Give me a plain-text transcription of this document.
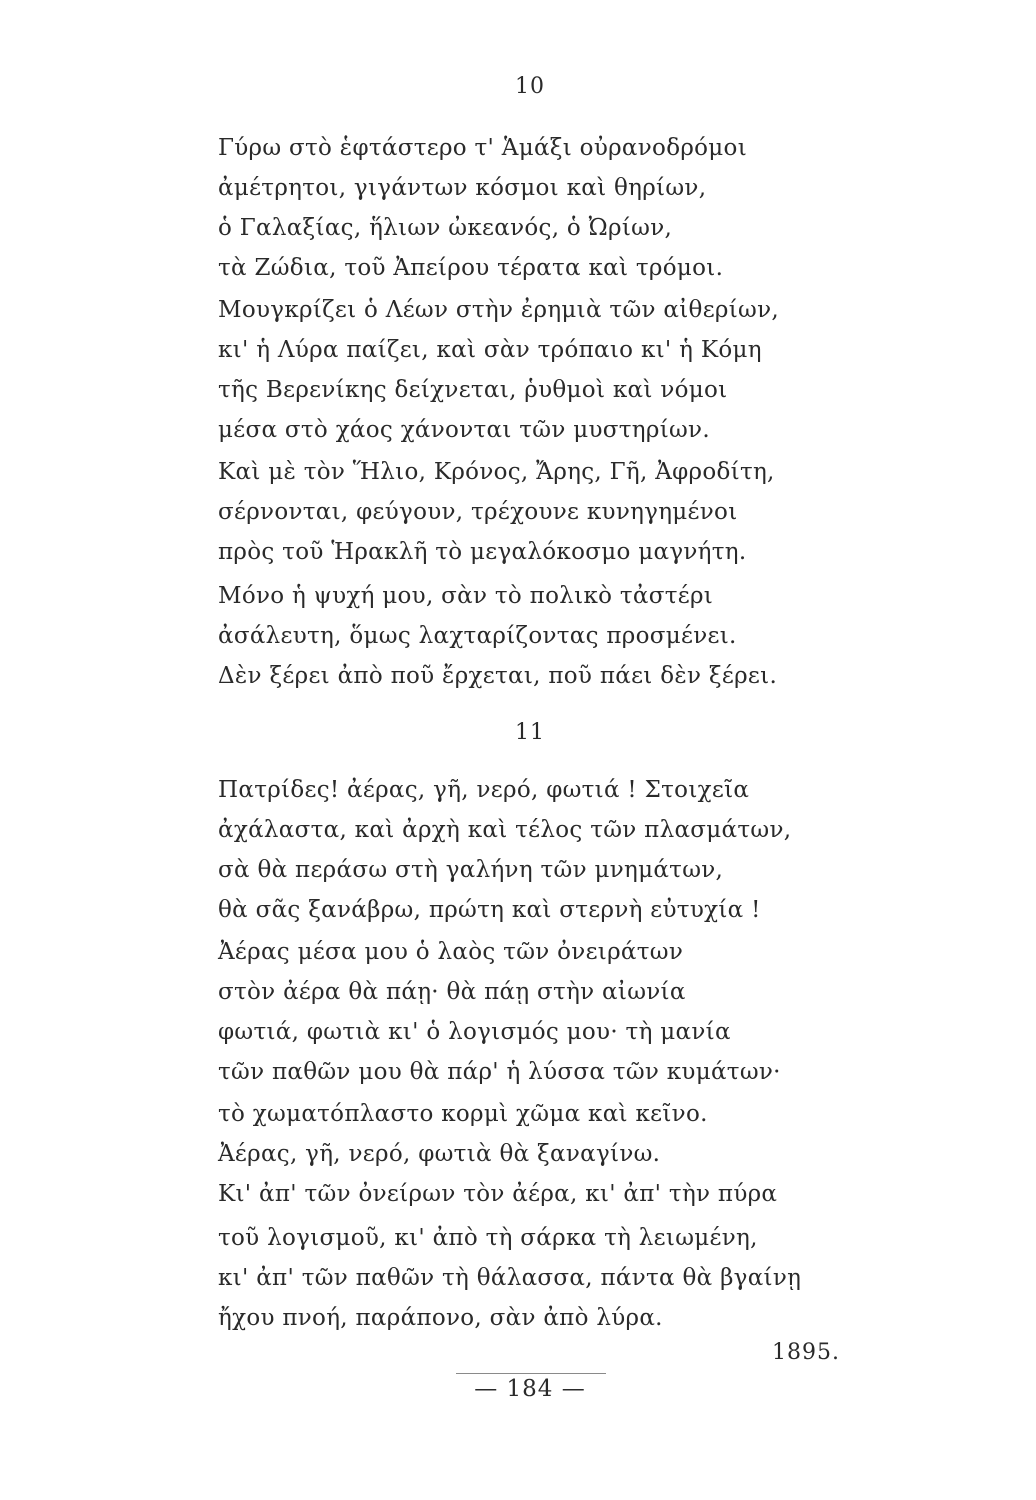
10
Γύρω στὸ ἑφτάστερο τ' Ἁμάξι οὐρανοδρόμοι
ἀμέτρητοι, γιγάντων κόσμοι καὶ θηρίων,
ὁ Γαλαξίας, ἥλιων ὠκεανός, ὁ Ὠρίων,
τὰ Ζώδια, τοῦ Ἀπείρου τέρατα καὶ τρόμοι.
Μουγκρίζει ὁ Λέων στὴν ἐρημιὰ τῶν αἰθερίων,
κι' ἡ Λύρα παίζει, καὶ σὰν τρόπαιο κι' ἡ Κόμη
τῆς Βερενίκης δείχνεται, ῥυθμοὶ καὶ νόμοι
μέσα στὸ χάος χάνονται τῶν μυστηρίων.
Καὶ μὲ τὸν Ἥλιο, Κρόνος, Ἄρης, Γῆ, Ἀφροδίτη,
σέρνονται, φεύγουν, τρέχουνε κυνηγημένοι
πρὸς τοῦ Ἡρακλῆ τὸ μεγαλόκοσμο μαγνήτη.
Μόνο ἡ ψυχή μου, σὰν τὸ πολικὸ τἀστέρι
ἀσάλευτη, ὅμως λαχταρίζοντας προσμένει.
Δὲν ξέρει ἀπὸ ποῦ ἔρχεται, ποῦ πάει δὲν ξέρει.
11
Πατρίδες! ἀέρας, γῆ, νερό, φωτιά ! Στοιχεῖα
ἀχάλαστα, καὶ ἀρχὴ καὶ τέλος τῶν πλασμάτων,
σὰ θὰ περάσω στὴ γαλήνη τῶν μνημάτων,
θὰ σᾶς ξανάβρω, πρώτη καὶ στερνὴ εὐτυχία !
Ἀέρας μέσα μου ὁ λαὸς τῶν ὀνειράτων
στὸν ἀέρα θὰ πάῃ· θὰ πάῃ στὴν αἰωνία
φωτιά, φωτιὰ κι' ὁ λογισμός μου· τὴ μανία
τῶν παθῶν μου θὰ πάρ' ἡ λύσσα τῶν κυμάτων·
τὸ χωματόπλαστο κορμὶ χῶμα καὶ κεῖνο.
Ἀέρας, γῆ, νερό, φωτιὰ θὰ ξαναγίνω.
Κι' ἀπ' τῶν ὀνείρων τὸν ἀέρα, κι' ἀπ' τὴν πύρα
τοῦ λογισμοῦ, κι' ἀπὸ τὴ σάρκα τὴ λειωμένη,
κι' ἀπ' τῶν παθῶν τὴ θάλασσα, πάντα θὰ βγαίνῃ
ἤχου πνοή, παράπονο, σὰν ἀπὸ λύρα.
1895.
— 184 —
